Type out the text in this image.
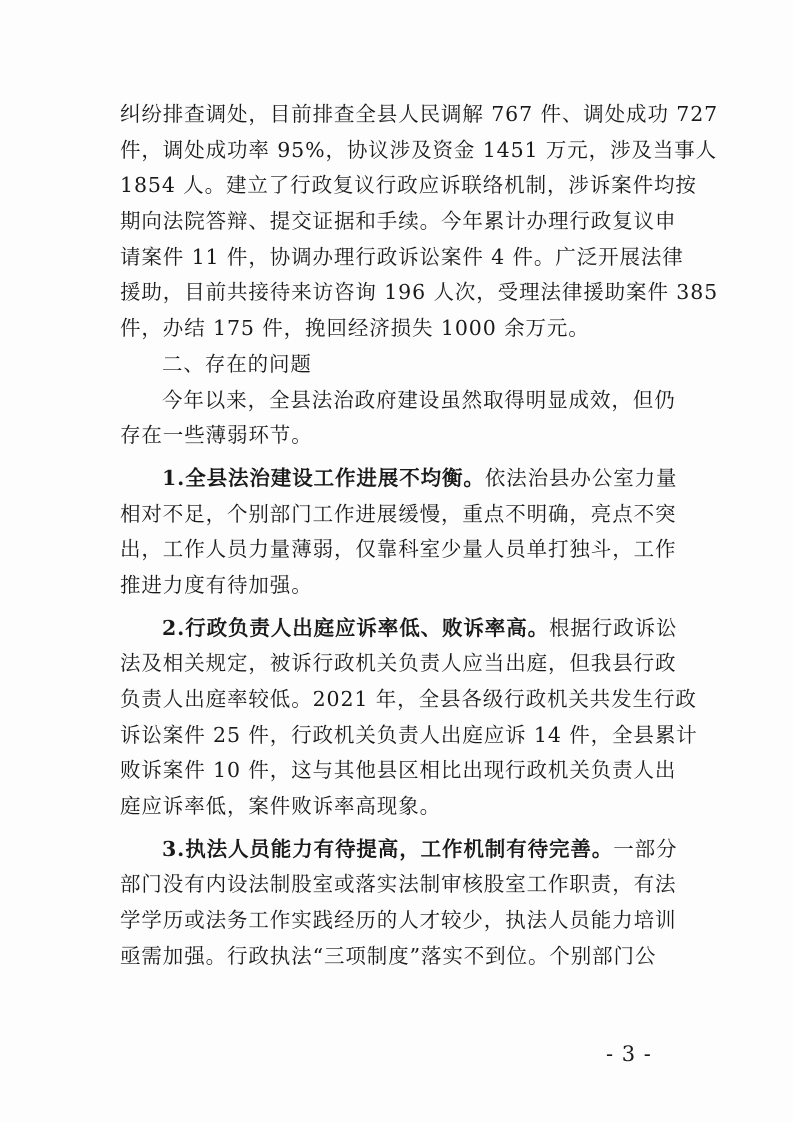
纠纷排查调处，目前排查全县人民调解 767 件、调处成功 727
件，调处成功率 95%，协议涉及资金 1451 万元，涉及当事人
1854 人。建立了行政复议行政应诉联络机制，涉诉案件均按
期向法院答辩、提交证据和手续。今年累计办理行政复议申
请案件 11 件，协调办理行政诉讼案件 4 件。广泛开展法律
援助，目前共接待来访咨询 196 人次，受理法律援助案件 385
件，办结 175 件，挽回经济损失 1000 余万元。
二、存在的问题
今年以来，全县法治政府建设虽然取得明显成效，但仍
存在一些薄弱环节。
1.全县法治建设工作进展不均衡。依法治县办公室力量
相对不足，个别部门工作进展缓慢，重点不明确，亮点不突
出，工作人员力量薄弱，仅靠科室少量人员单打独斗，工作
推进力度有待加强。
2.行政负责人出庭应诉率低、败诉率高。根据行政诉讼
法及相关规定，被诉行政机关负责人应当出庭，但我县行政
负责人出庭率较低。2021 年，全县各级行政机关共发生行政
诉讼案件 25 件，行政机关负责人出庭应诉 14 件，全县累计
败诉案件 10 件，这与其他县区相比出现行政机关负责人出
庭应诉率低，案件败诉率高现象。
3.执法人员能力有待提高，工作机制有待完善。一部分
部门没有内设法制股室或落实法制审核股室工作职责，有法
学学历或法务工作实践经历的人才较少，执法人员能力培训
亟需加强。行政执法“三项制度”落实不到位。个别部门公
- 3 -
